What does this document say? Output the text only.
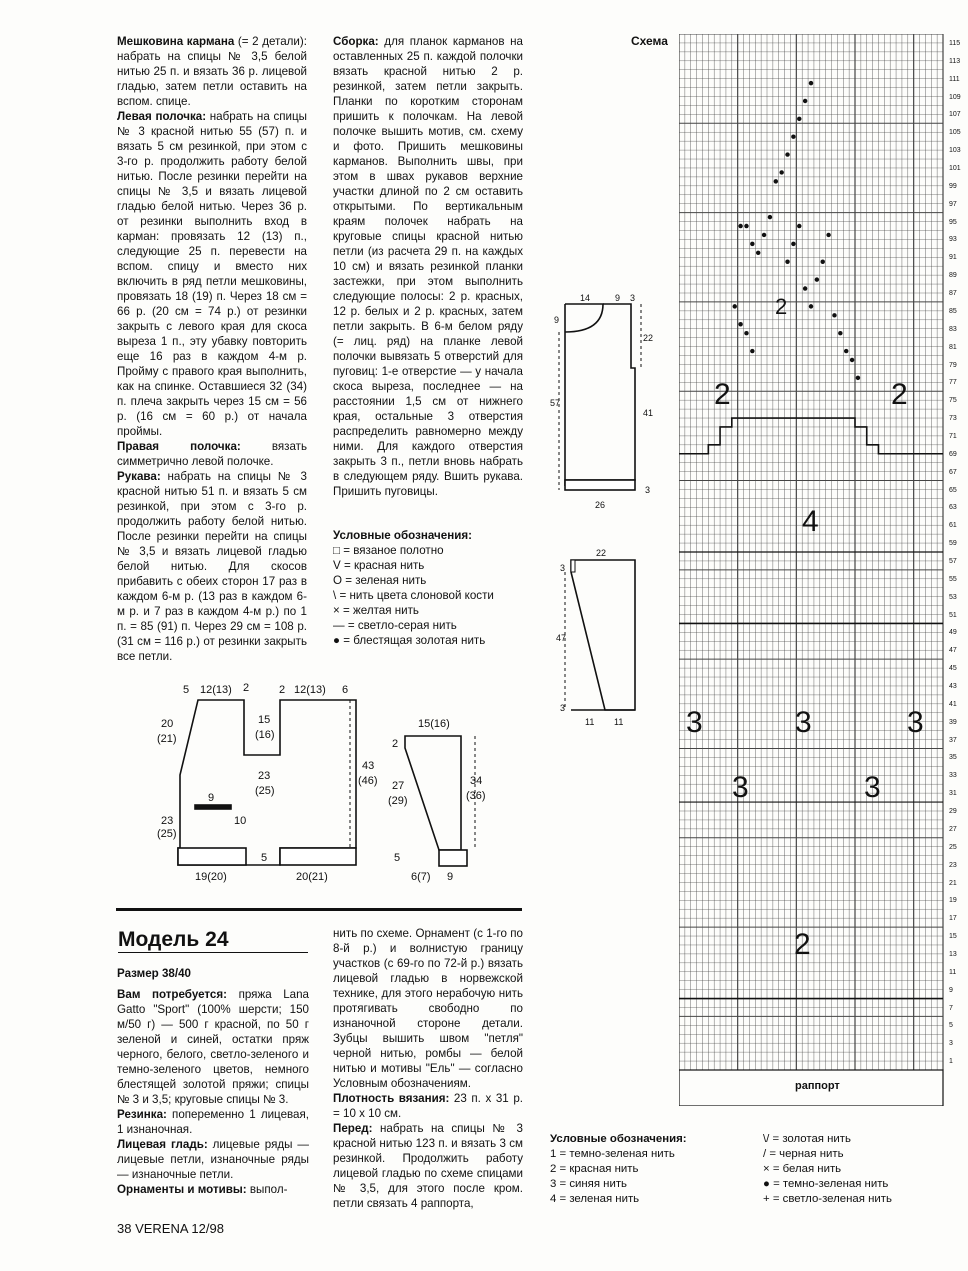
Мешковина кармана (= 2 детали): набрать на спицы № 3,5 белой нитью 25 п. и вязать 36 р. лицевой гладью, затем петли оставить на вспом. спице.

Левая полочка: набрать на спицы № 3 красной нитью 55 (57) п. и вязать 5 см резинкой, при этом с 3-го р. продолжить работу белой нитью. После резинки перейти на спицы № 3,5 и вязать лицевой гладью белой нитью. Через 36 р. от резинки выполнить вход в карман: провязать 12 (13) п., следующие 25 п. перевести на вспом. спицу и вместо них включить в ряд петли мешковины, провязать 18 (19) п. Через 18 см = 66 р. (20 см = 74 р.) от резинки закрыть с левого края для скоса выреза 1 п., эту убавку повторить еще 16 раз в каждом 4-м р. Пройму с правого края выполнить, как на спинке. Оставшиеся 32 (34) п. плеча закрыть через 15 см = 56 р. (16 см = 60 р.) от начала проймы.

Правая полочка: вязать симметрично левой полочке.

Рукава: набрать на спицы № 3 красной нитью 51 п. и вязать 5 см резинкой, при этом с 3-го р. продолжить работу белой нитью. После резинки перейти на спицы № 3,5 и вязать лицевой гладью белой нитью. Для скосов прибавить с обеих сторон 17 раз в каждом 6-м р. (13 раз в каждом 6-м р. и 7 раз в каждом 4-м р.) по 1 п. = 85 (91) п. Через 29 см = 108 р. (31 см = 116 р.) от резинки закрыть все петли.

Сборка: для планок карманов на оставленных 25 п. каждой полочки вязать красной нитью 2 р. резинкой, затем петли закрыть. Планки по коротким сторонам пришить к полочкам. На левой полочке вышить мотив, см. схему и фото. Пришить мешковины карманов. Выполнить швы, при этом в швах рукавов верхние участки длиной по 2 см оставить открытыми. По вертикальным краям полочек набрать на круговые спицы красной нитью петли (из расчета 29 п. на каждых 10 см) и вязать резинкой планки застежки, при этом выполнить следующие полосы: 2 р. красных, 12 р. белых и 2 р. красных, затем петли закрыть. В 6-м белом ряду (= лиц. ряд) на планке левой полочки вывязать 5 отверстий для пуговиц: 1-е отверстие — у начала скоса выреза, последнее — на расстоянии 1,5 см от нижнего края, остальные 3 отверстия распределить равномерно между ними. Для каждого отверстия закрыть 3 п., петли вновь набрать в следующем ряду. Вшить рукава. Пришить пуговицы.

Условные обозначения:
□ = вязаное полотно
V = красная нить
O = зеленая нить
\ = нить цвета слоновой кости
× = желтая нить
— = светло-серая нить
● = блестящая золотая нить
5 12(13) 2	2 12(13) 6
20
(21)
15
(16)
23
(25)
43
(46)
9
10
23
(25)
5
19(20)	20(21)
15(16)
2
27
(29)
34
(36)
5
6(7) 9
Модель 24

Размер 38/40

Вам потребуется: пряжа Lana Gatto "Sport" (100% шерсти; 150 м/50 г) — 500 г красной, по 50 г зеленой и синей, остатки пряж черного, белого, светло-зеленого и темно-зеленого цветов, немного блестящей золотой пряжи; спицы № 3 и 3,5; круговые спицы № 3.

Резинка: попеременно 1 лицевая, 1 изнаночная.

Лицевая гладь: лицевые ряды — лицевые петли, изнаночные ряды — изнаночные петли.

Орнаменты и мотивы: выпол-

нить по схеме. Орнамент (с 1-го по 8-й р.) и волнистую границу участков (с 69-го по 72-й р.) вязать лицевой гладью в норвежской технике, для этого нерабочую нить протягивать свободно по изнаночной стороне детали. Зубцы вышить швом "петля" черной нитью, ромбы — белой нитью и мотивы "Ель" — согласно Условным обозначениям.

Плотность вязания: 23 п. x 31 р. = 10 x 10 см.

Перед: набрать на спицы № 3 красной нитью 123 п. и вязать 3 см резинкой. Продолжить работу лицевой гладью по схеме спицами № 3,5, для этого после кром. петли связать 4 раппорта,

38 VERENA 12/98
14	9 3
9
22
57
41
3
26
22
3
47
3
11 11
Схема	115
113
111
109
107
105
103
101
99
97
95
93
91
89
87
85
83
81
79
77
75
73
71
69
67
65
63
61
59
57
55
53
51
49
47
45
43
41
39
37
35
33
31
29
27
25
23
21
19
17
15
13
11
9
7
5
3
1
2
2
2
4
3	3	3
3	3
2
раппорт
Условные обозначения:
1 = темно-зеленая нить
2 = красная нить
3 = синяя нить
4 = зеленая нить
\/ = золотая нить
/ = черная нить
× = белая нить
● = темно-зеленая нить
+ = светло-зеленая нить
